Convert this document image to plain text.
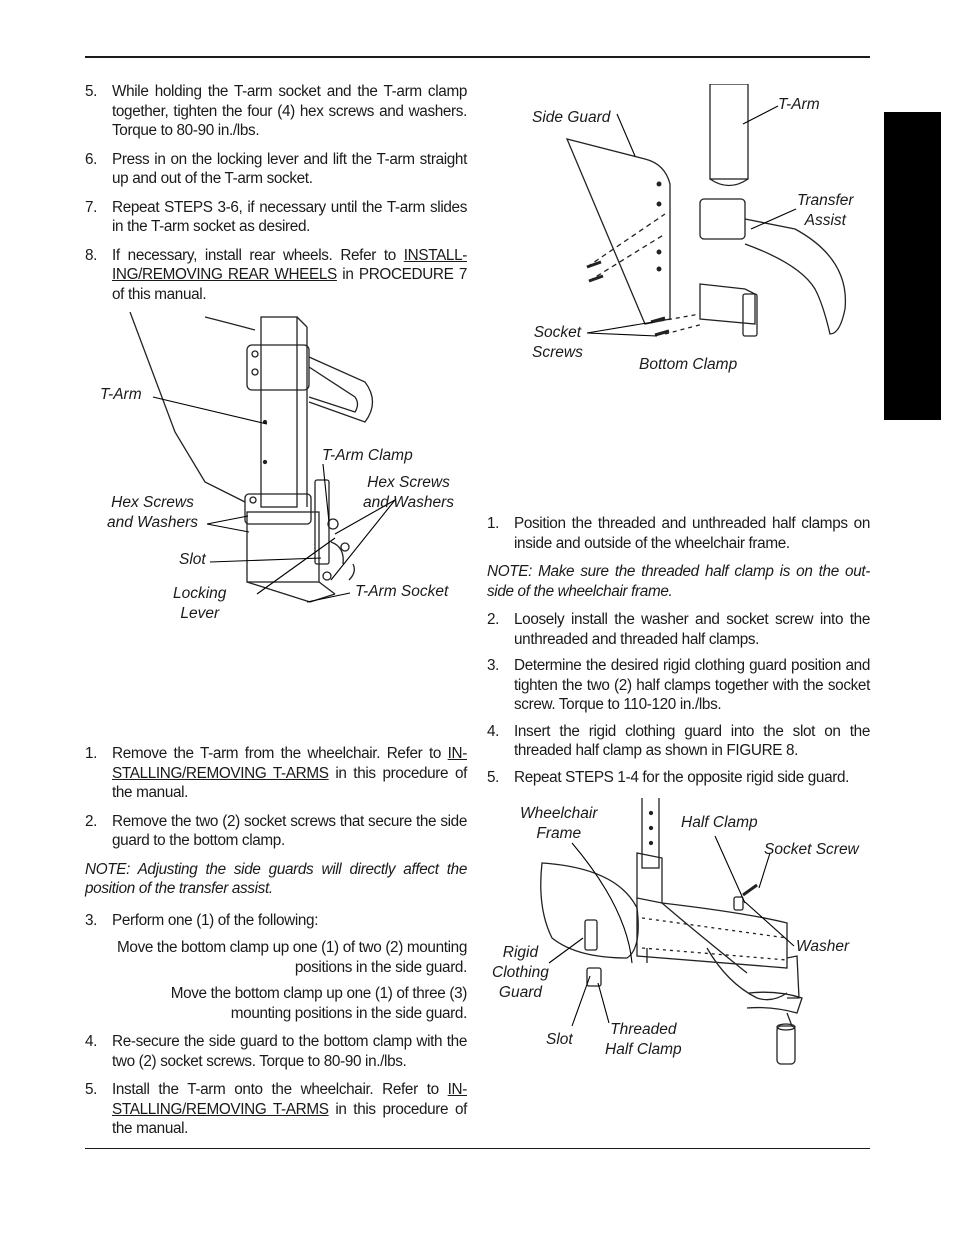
5. While holding the T-arm socket and the T-arm clamp together, tighten the four (4) hex screws and washers. Torque to 80-90 in./lbs.
6. Press in on the locking lever and lift the T-arm straight up and out of the T-arm socket.
7. Repeat STEPS 3-6, if necessary until the T-arm slides in the T-arm socket as desired.
8. If necessary, install rear wheels. Refer to INSTALL-ING/REMOVING REAR WHEELS in PROCEDURE 7 of this manual.
T-Arm
T-Arm Clamp
Hex Screws
and Washers
Hex Screws
and Washers
Slot
Locking
Lever
T-Arm Socket
Side Guard
T-Arm
Transfer
Assist
Socket
Screws
Bottom Clamp
1. Remove the T-arm from the wheelchair. Refer to IN-STALLING/REMOVING T-ARMS in this procedure of the manual.
2. Remove the two (2) socket screws that secure the side guard to the bottom clamp.
NOTE: Adjusting the side guards will directly affect the position of the transfer assist.
3. Perform one (1) of the following:
Move the bottom clamp up one (1) of two (2) mounting positions in the side guard.
Move the bottom clamp up one (1) of three (3) mounting positions in the side guard.
4. Re-secure the side guard to the bottom clamp with the two (2) socket screws. Torque to 80-90 in./lbs.
5. Install the T-arm onto the wheelchair. Refer to IN-STALLING/REMOVING T-ARMS in this procedure of the manual.
1. Position the threaded and unthreaded half clamps on inside and outside of the wheelchair frame.
NOTE: Make sure the threaded half clamp is on the out-side of the wheelchair frame.
2. Loosely install the washer and socket screw into the unthreaded and threaded half clamps.
3. Determine the desired rigid clothing guard position and tighten the two (2) half clamps together with the socket screw. Torque to 110-120 in./lbs.
4. Insert the rigid clothing guard into the slot on the threaded half clamp as shown in FIGURE 8.
5. Repeat STEPS 1-4 for the opposite rigid side guard.
Wheelchair
Frame
Half Clamp
Socket Screw
Washer
Rigid
Clothing
Guard
Slot
Threaded
Half Clamp
